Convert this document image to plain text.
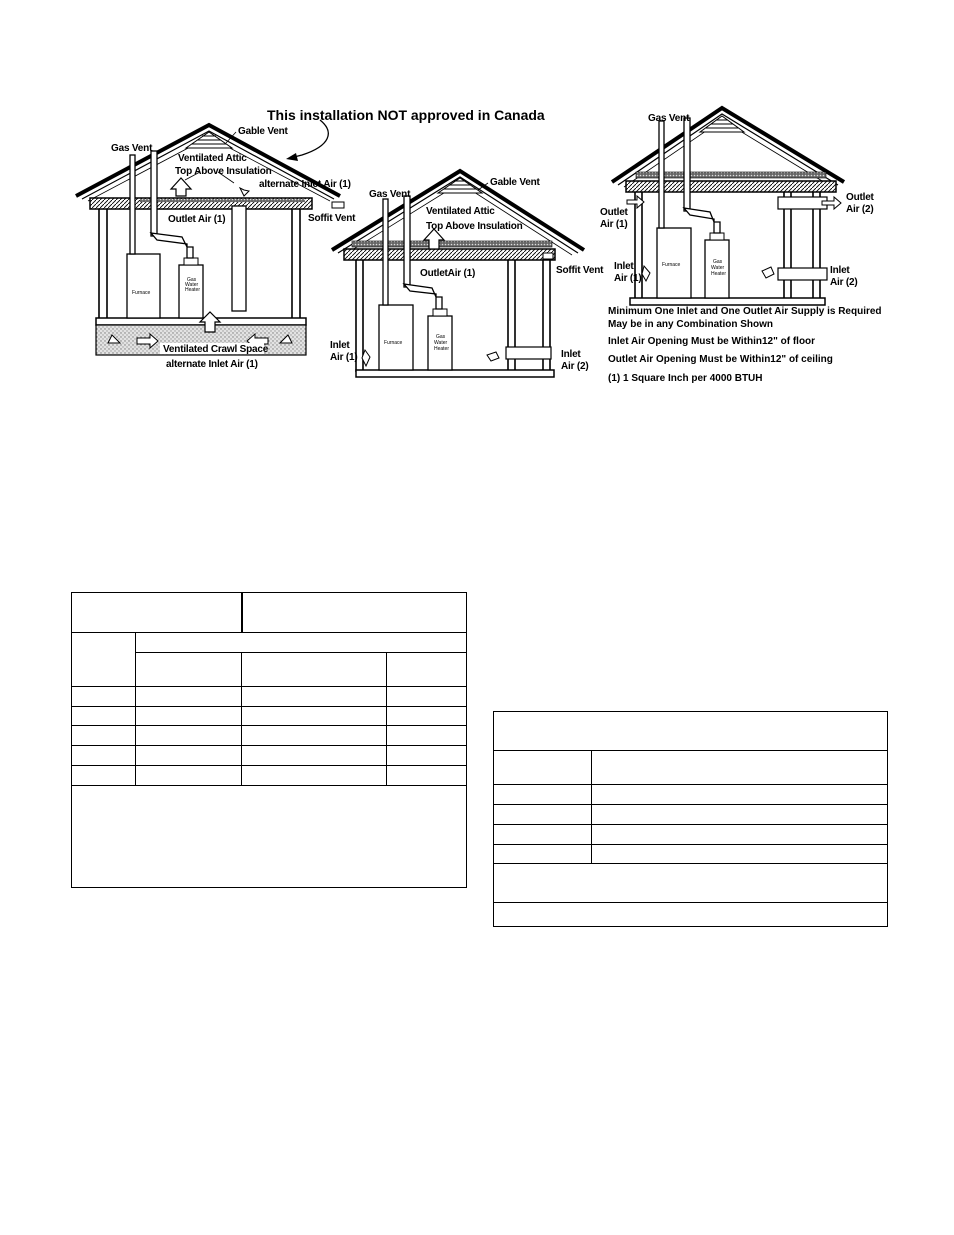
This installation NOT approved in Canada
Gable Vent
Gas Vent
Ventilated Attic
Top Above Insulation
alternate Inlet Air (1)
Soffit Vent
Outlet Air (1)
Furnace
Gas
Water
Heater
Ventilated Crawl Space
alternate Inlet Air (1)
Gas Vent
Gable Vent
Ventilated Attic
Top Above Insulation
OutletAir (1)	Soffit Vent
Inlet
Air (1)	Inlet
Air (2)
Furnace
Gas
Water
Heater
Gas Vent
Outlet
Air (1)
Outlet
Air (2)
Inlet
Air (1)
Inlet
Air (2)
Furnace	Gas
Water
Heater
Minimum One Inlet and One Outlet Air Supply is Required
May be in any Combination Shown
Inlet Air Opening Must be Within12" of floor
Outlet Air Opening Must be Within12" of ceiling
(1) 1 Square Inch per 4000 BTUH
